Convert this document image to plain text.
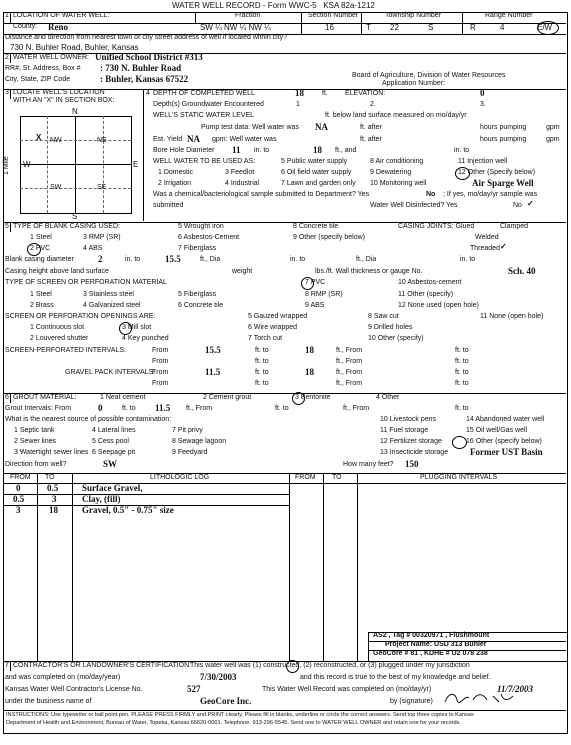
WATER WELL RECORD - Form WWC-5 KSA 82a-1212
1 LOCATION OF WATER WELL:
County: Reno
Fraction
SW ¼ NW ¼ NW ¼
Section Number
16
Township Number
T 22	S
Range Number
R	4	E/W
Distance and direction from nearest town or city street address of well if located within city?
730 N. Buhler Road, Buhler, Kansas
2 WATER WELL OWNER: Unified School District #313
RR#, St. Address, Box # : 730 N. Buhler Road
City, State, ZIP Code	: Buhler, Kansas 67522	Board of Agriculture, Division of Water Resources
Application Number:
3 LOCATE WELL'S LOCATION
WITH AN "X" IN SECTION BOX:
N
S
E
W
1 Mile
NW	NE
SW	SE
X
4 DEPTH OF COMPLETED WELL	18	ft. ELEVATION:	0
Depth(s) Groundwater Encountered	1	2.	3.
WELL'S STATIC WATER LEVEL	ft. below land surface measured on mo/day/yr
Pump test data: Well water was NA	ft. after	hours pumping	gpm
Est. Yield NA gpm: Well water was	ft. after	hours pumping	gpm
Bore Hole Diameter 11 in. to	18 ft., and	in. to
WELL WATER TO BE USED AS:	5 Public water supply	8 Air conditioning	11 Injection well
1 Domestic	3 Feedlot	6 Oil field water supply	9 Dewatering	12 Other (Specify below)
2 Irrigation	4 Industrial	7 Lawn and garden only 10 Monitoring well	Air Sparge Well
Was a chemical/bacteriological sample submitted to Department? Yes	No ; If yes, mo/day/yr sample was
submitted	Water Well Disinfected? Yes	No ✓
5 TYPE OF BLANK CASING USED:	5 Wrought iron	8 Concrete tile	CASING JOINTS: Glued	Clamped
1 Steel	3 RMP (SR)	6 Asbestos-Cement	9 Other (specify below)	Welded
2 PVC	4 ABS	7 Fiberglass	Threaded ✓
Blank casing diameter	2	in. to	15.5	ft., Dia	in. to	ft., Dia	in. to
Casing height above land surface	weight	lbs./ft. Wall thickness or gauge No.	Sch. 40
TYPE OF SCREEN OR PERFORATION MATERIAL	7 PVC	10 Asbestos-cement
1 Steel	3 Stainless steel	5 Fiberglass	8 RMP (SR)	11 Other (specify)
2 Brass	4 Galvanized steel	6 Concrete tile	9 ABS	12 None used (open hole)
SCREEN OR PERFORATION OPENINGS ARE:	5 Gauzed wrapped	8 Saw cut	11 None (open hole)
1 Continuous slot	3 Mill slot	6 Wire wrapped	9 Drilled holes
2 Louvered shutter	4 Key punched	7 Torch cut	10 Other (specify)
SCREEN-PERFORATED INTERVALS:	From	15.5	ft. to	18	ft., From	ft. to
From	ft. to	ft., From	ft. to
GRAVEL PACK INTERVALS:
From	11.5	ft. to	18	ft., From	ft. to
From	ft. to	ft., From	ft. to
6 GROUT MATERIAL:	1 Neat cement	2 Cement grout	3 Bentonite	4 Other
Grout Intervals: From	0	ft. to 11.5 ft., From	ft. to	ft., From	ft. to
What is the nearest source of possible contamination:	10 Livestock pens	14 Abandoned water well
1 Septic tank	4 Lateral lines	7 Pit privy	11 Fuel storage	15 Oil well/Gas well
2 Sewer lines	5 Cess pool	8 Sewage lagoon	12 Fertilizer storage	16 Other (specify below)
3 Watertight sewer lines 6 Seepage pit	9 Feedyard	13 Insecticide storage Former UST Basin
Direction from well?	SW	How many feet? 150
FROM TO	LITHOLOGIC LOG	FROM TO	PLUGGING INTERVALS
0	0.5	Surface Gravel,
0.5	3	Clay, (fill)
3	18	Gravel, 0.5" - 0.75" size
AS2 , Tag # 00320971 , Flushmount
Project Name: USD 313 Buhler
GeoCore # 81 , KDHE # U2 078 238
7 CONTRACTOR'S OR LANDOWNER'S CERTIFICATION:
This water well was (1) constructed, (2) reconstructed, or (3) plugged under my jurisdiction
and was completed on (mo/day/year)	7/30/2003	and this record is true to the best of my knowledge and belief.
Kansas Water Well Contractor's License No.	527	This Water Well Record was completed on (mo/day/yr)	11/7/2003
under the business name of	GeoCore Inc.	by (signature)
INSTRUCTIONS: Use typewriter or ball point pen. PLEASE PRESS FIRMLY and PRINT clearly. Please fill in blanks, underline or circle the correct answers. Send top three copies to Kansas
Department of Health and Environment, Bureau of Water, Topeka, Kansas 66620-0001. Telephone: 913-296-5545. Send one to WATER WELL OWNER and retain one for your records.
